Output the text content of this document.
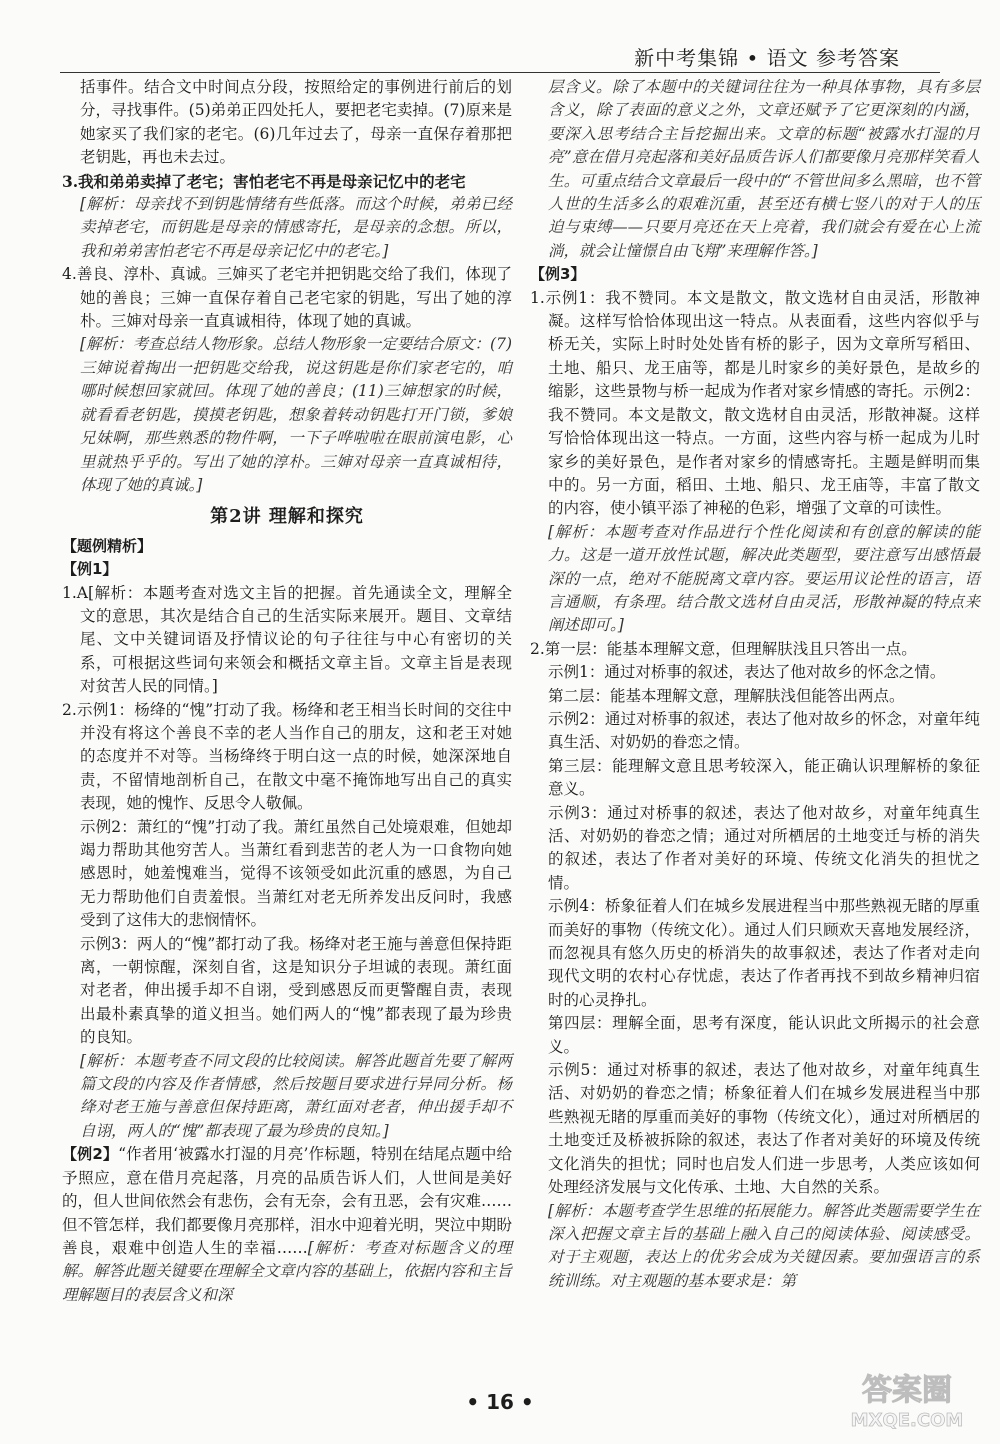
新中考集锦 • 语文 参考答案

括事件。结合文中时间点分段，按照给定的事例进行前后的划分，寻找事件。(5)弟弟正四处托人，要把老宅卖掉。(7)原来是她家买了我们家的老宅。(6)几年过去了，母亲一直保存着那把老钥匙，再也未去过。

3.我和弟弟卖掉了老宅；害怕老宅不再是母亲记忆中的老宅

[解析：母亲找不到钥匙情绪有些低落。而这个时候，弟弟已经卖掉老宅，而钥匙是母亲的情感寄托，是母亲的念想。所以，我和弟弟害怕老宅不再是母亲记忆中的老宅。]

4.善良、淳朴、真诚。三婶买了老宅并把钥匙交给了我们，体现了她的善良；三婶一直保存着自己老宅家的钥匙，写出了她的淳朴。三婶对母亲一直真诚相待，体现了她的真诚。

[解析：考查总结人物形象。总结人物形象一定要结合原文：(7)三婶说着掏出一把钥匙交给我，说这钥匙是你们家老宅的，咱哪时候想回家就回。体现了她的善良；(11)三婶想家的时候，就看看老钥匙，摸摸老钥匙，想象着转动钥匙打开门锁，爹娘兄妹啊，那些熟悉的物件啊，一下子哗啦啦在眼前演电影，心里就热乎乎的。写出了她的淳朴。三婶对母亲一直真诚相待，体现了她的真诚。]

第2讲 理解和探究

【题例精析】

【例1】

1.A[解析：本题考查对选文主旨的把握。首先通读全文，理解全文的意思，其次是结合自己的生活实际来展开。题目、文章结尾、文中关键词语及抒情议论的句子往往与中心有密切的关系，可根据这些词句来领会和概括文章主旨。文章主旨是表现对贫苦人民的同情。]

2.示例1：杨绛的“愧”打动了我。杨绛和老王相当长时间的交往中并没有将这个善良不幸的老人当作自己的朋友，这和老王对她的态度并不对等。当杨绛终于明白这一点的时候，她深深地自责，不留情地剖析自己，在散文中毫不掩饰地写出自己的真实表现，她的愧怍、反思令人敬佩。

示例2：萧红的“愧”打动了我。萧红虽然自己处境艰难，但她却竭力帮助其他穷苦人。当萧红看到悲苦的老人为一口食物向她感恩时，她羞愧难当，觉得不该领受如此沉重的感恩，为自己无力帮助他们自责羞恨。当萧红对老无所养发出反问时，我感受到了这伟大的悲悯情怀。

示例3：两人的“愧”都打动了我。杨绛对老王施与善意但保持距离，一朝惊醒，深刻自省，这是知识分子坦诚的表现。萧红面对老者，伸出援手却不自诩，受到感恩反而更警醒自责，表现出最朴素真挚的道义担当。她们两人的“愧”都表现了最为珍贵的良知。

[解析：本题考查不同文段的比较阅读。解答此题首先要了解两篇文段的内容及作者情感，然后按题目要求进行异同分析。杨绛对老王施与善意但保持距离，萧红面对老者，伸出援手却不自诩，两人的“愧”都表现了最为珍贵的良知。]

【例2】“作者用‘被露水打湿的月亮’作标题，特别在结尾点题中给予照应，意在借月亮起落，月亮的品质告诉人们，人世间是美好的，但人世间依然会有悲伤，会有无奈，会有丑恶，会有灾难……但不管怎样，我们都要像月亮那样，泪水中迎着光明，哭泣中期盼善良，艰难中创造人生的幸福……[解析：考查对标题含义的理解。解答此题关键要在理解全文章内容的基础上，依据内容和主旨理解题目的表层含义和深

层含义。除了本题中的关键词往往为一种具体事物，具有多层含义，除了表面的意义之外，文章还赋予了它更深刻的内涵，要深入思考结合主旨挖掘出来。文章的标题“被露水打湿的月亮”意在借月亮起落和美好品质告诉人们都要像月亮那样笑看人生。可重点结合文章最后一段中的“不管世间多么黑暗，也不管人世的生活多么的艰难沉重，甚至还有横七竖八的对于人的压迫与束缚——只要月亮还在天上亮着，我们就会有爱在心上流淌，就会让憧憬自由飞翔”来理解作答。]

【例3】

1.示例1：我不赞同。本文是散文，散文选材自由灵活，形散神凝。这样写恰恰体现出这一特点。从表面看，这些内容似乎与桥无关，实际上时时处处皆有桥的影子，因为文章所写稻田、土地、船只、龙王庙等，都是儿时家乡的美好景色，是故乡的缩影，这些景物与桥一起成为作者对家乡情感的寄托。示例2：我不赞同。本文是散文，散文选材自由灵活，形散神凝。这样写恰恰体现出这一特点。一方面，这些内容与桥一起成为儿时家乡的美好景色，是作者对家乡的情感寄托。主题是鲜明而集中的。另一方面，稻田、土地、船只、龙王庙等，丰富了散文的内容，使小镇平添了神秘的色彩，增强了文章的可读性。

[解析：本题考查对作品进行个性化阅读和有创意的解读的能力。这是一道开放性试题，解决此类题型，要注意写出感悟最深的一点，绝对不能脱离文章内容。要运用议论性的语言，语言通顺，有条理。结合散文选材自由灵活，形散神凝的特点来阐述即可。]

2.第一层：能基本理解文意，但理解肤浅且只答出一点。

示例1：通过对桥事的叙述，表达了他对故乡的怀念之情。

第二层：能基本理解文意，理解肤浅但能答出两点。

示例2：通过对桥事的叙述，表达了他对故乡的怀念，对童年纯真生活、对奶奶的眷恋之情。

第三层：能理解文意且思考较深入，能正确认识理解桥的象征意义。

示例3：通过对桥事的叙述，表达了他对故乡，对童年纯真生活、对奶奶的眷恋之情；通过对所栖居的土地变迁与桥的消失的叙述，表达了作者对美好的环境、传统文化消失的担忧之情。

示例4：桥象征着人们在城乡发展进程当中那些熟视无睹的厚重而美好的事物（传统文化）。通过人们只顾欢天喜地发展经济，而忽视具有悠久历史的桥消失的故事叙述，表达了作者对走向现代文明的农村心存忧虑，表达了作者再找不到故乡精神归宿时的心灵挣扎。

第四层：理解全面，思考有深度，能认识此文所揭示的社会意义。

示例5：通过对桥事的叙述，表达了他对故乡，对童年纯真生活、对奶奶的眷恋之情；桥象征着人们在城乡发展进程当中那些熟视无睹的厚重而美好的事物（传统文化），通过对所栖居的土地变迁及桥被拆除的叙述，表达了作者对美好的环境及传统文化消失的担忧；同时也启发人们进一步思考，人类应该如何处理经济发展与文化传承、土地、大自然的关系。

[解析：本题考查学生思维的拓展能力。解答此类题需要学生在深入把握文章主旨的基础上融入自己的阅读体验、阅读感受。对于主观题，表达上的优劣会成为关键因素。要加强语言的系统训练。对主观题的基本要求是：第

• 16 •	答案圈
MXQE.COM
